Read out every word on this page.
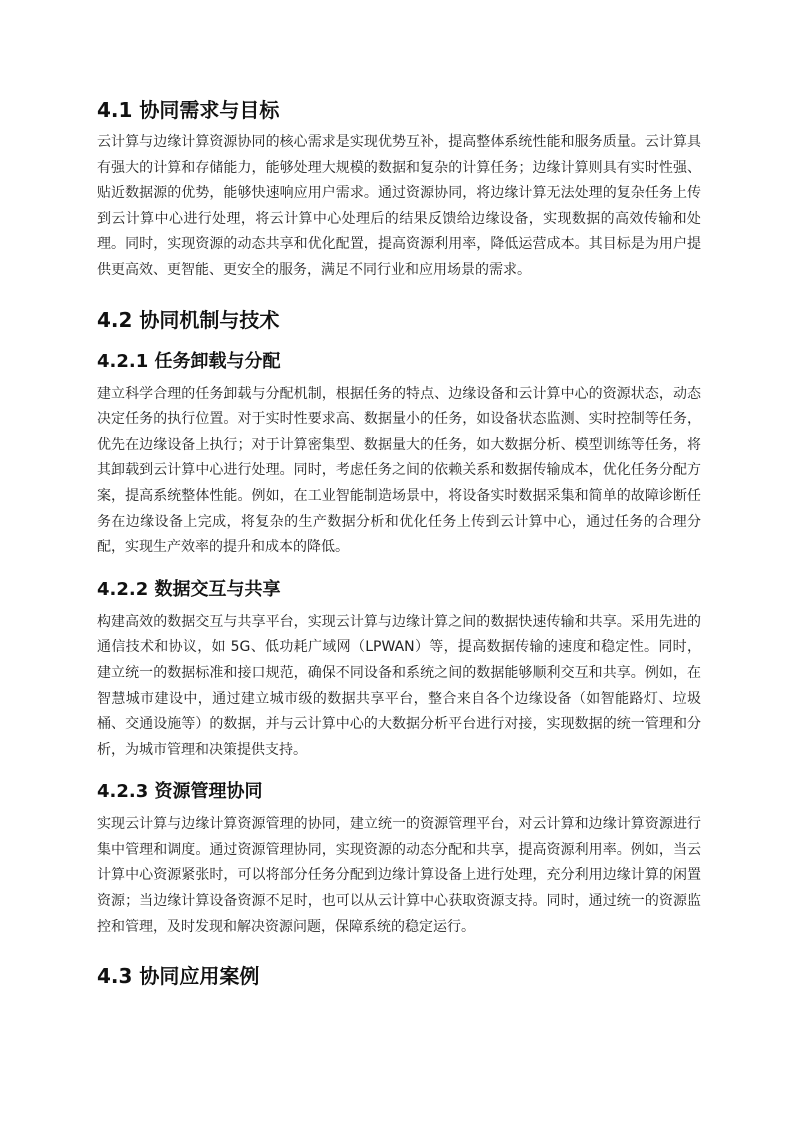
4.1 协同需求与目标

云计算与边缘计算资源协同的核心需求是实现优势互补，提高整体系统性能和服务质量。云计算具有强大的计算和存储能力，能够处理大规模的数据和复杂的计算任务；边缘计算则具有实时性强、贴近数据源的优势，能够快速响应用户需求。通过资源协同，将边缘计算无法处理的复杂任务上传到云计算中心进行处理，将云计算中心处理后的结果反馈给边缘设备，实现数据的高效传输和处理。同时，实现资源的动态共享和优化配置，提高资源利用率，降低运营成本。其目标是为用户提供更高效、更智能、更安全的服务，满足不同行业和应用场景的需求。

4.2 协同机制与技术
4.2.1 任务卸载与分配

建立科学合理的任务卸载与分配机制，根据任务的特点、边缘设备和云计算中心的资源状态，动态决定任务的执行位置。对于实时性要求高、数据量小的任务，如设备状态监测、实时控制等任务，优先在边缘设备上执行；对于计算密集型、数据量大的任务，如大数据分析、模型训练等任务，将其卸载到云计算中心进行处理。同时，考虑任务之间的依赖关系和数据传输成本，优化任务分配方案，提高系统整体性能。例如，在工业智能制造场景中，将设备实时数据采集和简单的故障诊断任务在边缘设备上完成，将复杂的生产数据分析和优化任务上传到云计算中心，通过任务的合理分配，实现生产效率的提升和成本的降低。

4.2.2 数据交互与共享

构建高效的数据交互与共享平台，实现云计算与边缘计算之间的数据快速传输和共享。采用先进的通信技术和协议，如 5G、低功耗广域网（LPWAN）等，提高数据传输的速度和稳定性。同时，建立统一的数据标准和接口规范，确保不同设备和系统之间的数据能够顺利交互和共享。例如，在智慧城市建设中，通过建立城市级的数据共享平台，整合来自各个边缘设备（如智能路灯、垃圾桶、交通设施等）的数据，并与云计算中心的大数据分析平台进行对接，实现数据的统一管理和分析，为城市管理和决策提供支持。

4.2.3 资源管理协同

实现云计算与边缘计算资源管理的协同，建立统一的资源管理平台，对云计算和边缘计算资源进行集中管理和调度。通过资源管理协同，实现资源的动态分配和共享，提高资源利用率。例如，当云计算中心资源紧张时，可以将部分任务分配到边缘计算设备上进行处理，充分利用边缘计算的闲置资源；当边缘计算设备资源不足时，也可以从云计算中心获取资源支持。同时，通过统一的资源监控和管理，及时发现和解决资源问题，保障系统的稳定运行。

4.3 协同应用案例
